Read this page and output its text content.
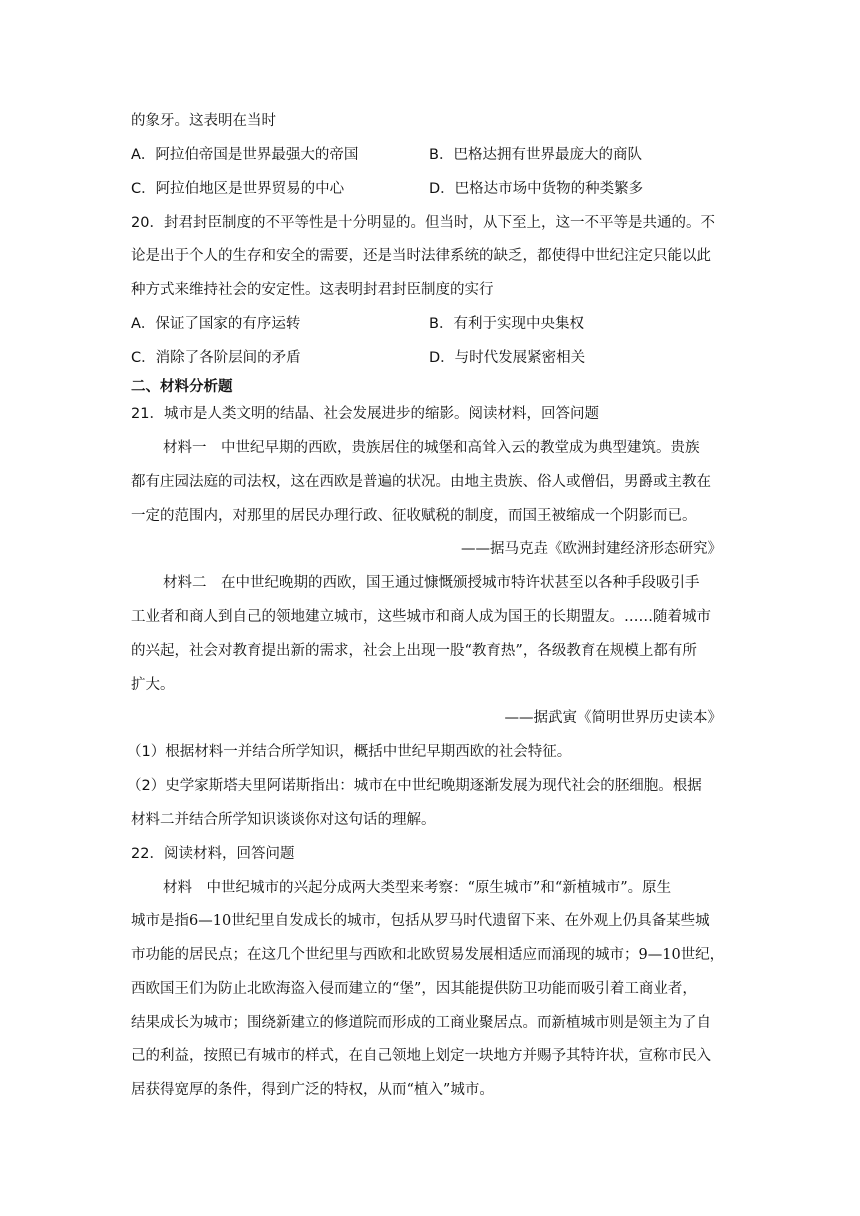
的象牙。这表明在当时
A．阿拉伯帝国是世界最强大的帝国	B．巴格达拥有世界最庞大的商队
C．阿拉伯地区是世界贸易的中心	D．巴格达市场中货物的种类繁多
20．封君封臣制度的不平等性是十分明显的。但当时，从下至上，这一不平等是共通的。不
论是出于个人的生存和安全的需要，还是当时法律系统的缺乏，都使得中世纪注定只能以此
种方式来维持社会的安定性。这表明封君封臣制度的实行
A．保证了国家的有序运转	B．有利于实现中央集权
C．消除了各阶层间的矛盾	D．与时代发展紧密相关
二、材料分析题
21．城市是人类文明的结晶、社会发展进步的缩影。阅读材料，回答问题
材料一　中世纪早期的西欧，贵族居住的城堡和高耸入云的教堂成为典型建筑。贵族
都有庄园法庭的司法权，这在西欧是普遍的状况。由地主贵族、俗人或僧侣，男爵或主教在
一定的范围内，对那里的居民办理行政、征收赋税的制度，而国王被缩成一个阴影而已。
——据马克垚《欧洲封建经济形态研究》
材料二　在中世纪晚期的西欧，国王通过慷慨颁授城市特许状甚至以各种手段吸引手
工业者和商人到自己的领地建立城市，这些城市和商人成为国王的长期盟友。……随着城市
的兴起，社会对教育提出新的需求，社会上出现一股“教育热”，各级教育在规模上都有所
扩大。
——据武寅《简明世界历史读本》
（1）根据材料一并结合所学知识，概括中世纪早期西欧的社会特征。
（2）史学家斯塔夫里阿诺斯指出：城市在中世纪晚期逐渐发展为现代社会的胚细胞。根据
材料二并结合所学知识谈谈你对这句话的理解。
22．阅读材料，回答问题
材料　中世纪城市的兴起分成两大类型来考察：“原生城市”和“新植城市”。原生
城市是指6—10世纪里自发成长的城市，包括从罗马时代遗留下来、在外观上仍具备某些城
市功能的居民点；在这几个世纪里与西欧和北欧贸易发展相适应而涌现的城市；9—10世纪，
西欧国王们为防止北欧海盗入侵而建立的“堡”，因其能提供防卫功能而吸引着工商业者，
结果成长为城市；围绕新建立的修道院而形成的工商业聚居点。而新植城市则是领主为了自
己的利益，按照已有城市的样式，在自己领地上划定一块地方并赐予其特许状，宣称市民入
居获得宽厚的条件，得到广泛的特权，从而“植入”城市。
